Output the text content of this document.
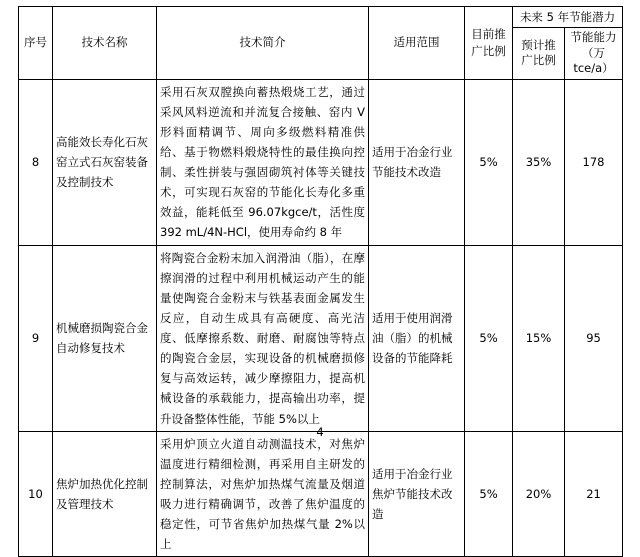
序号	技术名称	技术简介	适用范围	目前推广比例	未来 5 年节能潜力	
					预计推广比例	节能能力（万 tce/a）
8	高能效长寿化石灰窑立式石灰窑装备及控制技术	采用石灰双膛换向蓄热煅烧工艺，通过采风风料逆流和并流复合接触、窑内 V 形料面精调节、周向多级燃料精准供给、基于物燃料煅烧特性的最佳换向控制、柔性拼装与强固砌筑衬体等关键技术，可实现石灰窑的节能化长寿化多重效益，能耗低至 96.07kgce/t，活性度 392 mL/4N-HCl，使用寿命约 8 年	适用于冶金行业节能技术改造	5%	35%	178
9	机械磨损陶瓷合金自动修复技术	将陶瓷合金粉末加入润滑油（脂），在摩擦润滑的过程中利用机械运动产生的能量使陶瓷合金粉末与铁基表面金属发生反应，自动生成具有高硬度、高光洁度、低摩擦系数、耐磨、耐腐蚀等特点的陶瓷合金层，实现设备的机械磨损修复与高效运转，减少摩擦阻力，提高机械设备的承载能力，提高输出功率，提升设备整体性能，节能 5%以上	适用于使用润滑油（脂）的机械设备的节能降耗	5%	15%	95
10	焦炉加热优化控制及管理技术	采用炉顶立火道自动测温技术，对焦炉温度进行精细检测，再采用自主研发的控制算法，对焦炉加热煤气流量及烟道吸力进行精确调节，改善了焦炉温度的稳定性，可节省焦炉加热煤气量 2%以上	适用于冶金行业焦炉节能技术改造	5%	20%	21
4
